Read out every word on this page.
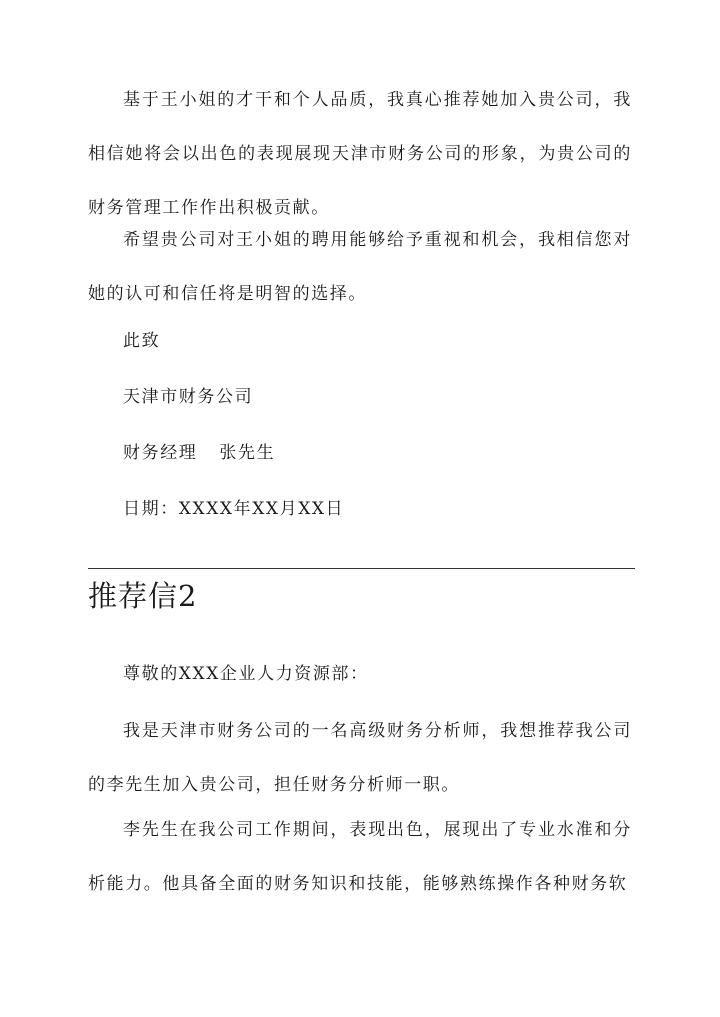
基于王小姐的才干和个人品质，我真心推荐她加入贵公司，我相信她将会以出色的表现展现天津市财务公司的形象，为贵公司的财务管理工作作出积极贡献。

希望贵公司对王小姐的聘用能够给予重视和机会，我相信您对她的认可和信任将是明智的选择。

此致

天津市财务公司

财务经理 张先生

日期：XXXX年XX月XX日

推荐信2

尊敬的XXX企业人力资源部：

我是天津市财务公司的一名高级财务分析师，我想推荐我公司的李先生加入贵公司，担任财务分析师一职。

李先生在我公司工作期间，表现出色，展现出了专业水准和分析能力。他具备全面的财务知识和技能，能够熟练操作各种财务软
